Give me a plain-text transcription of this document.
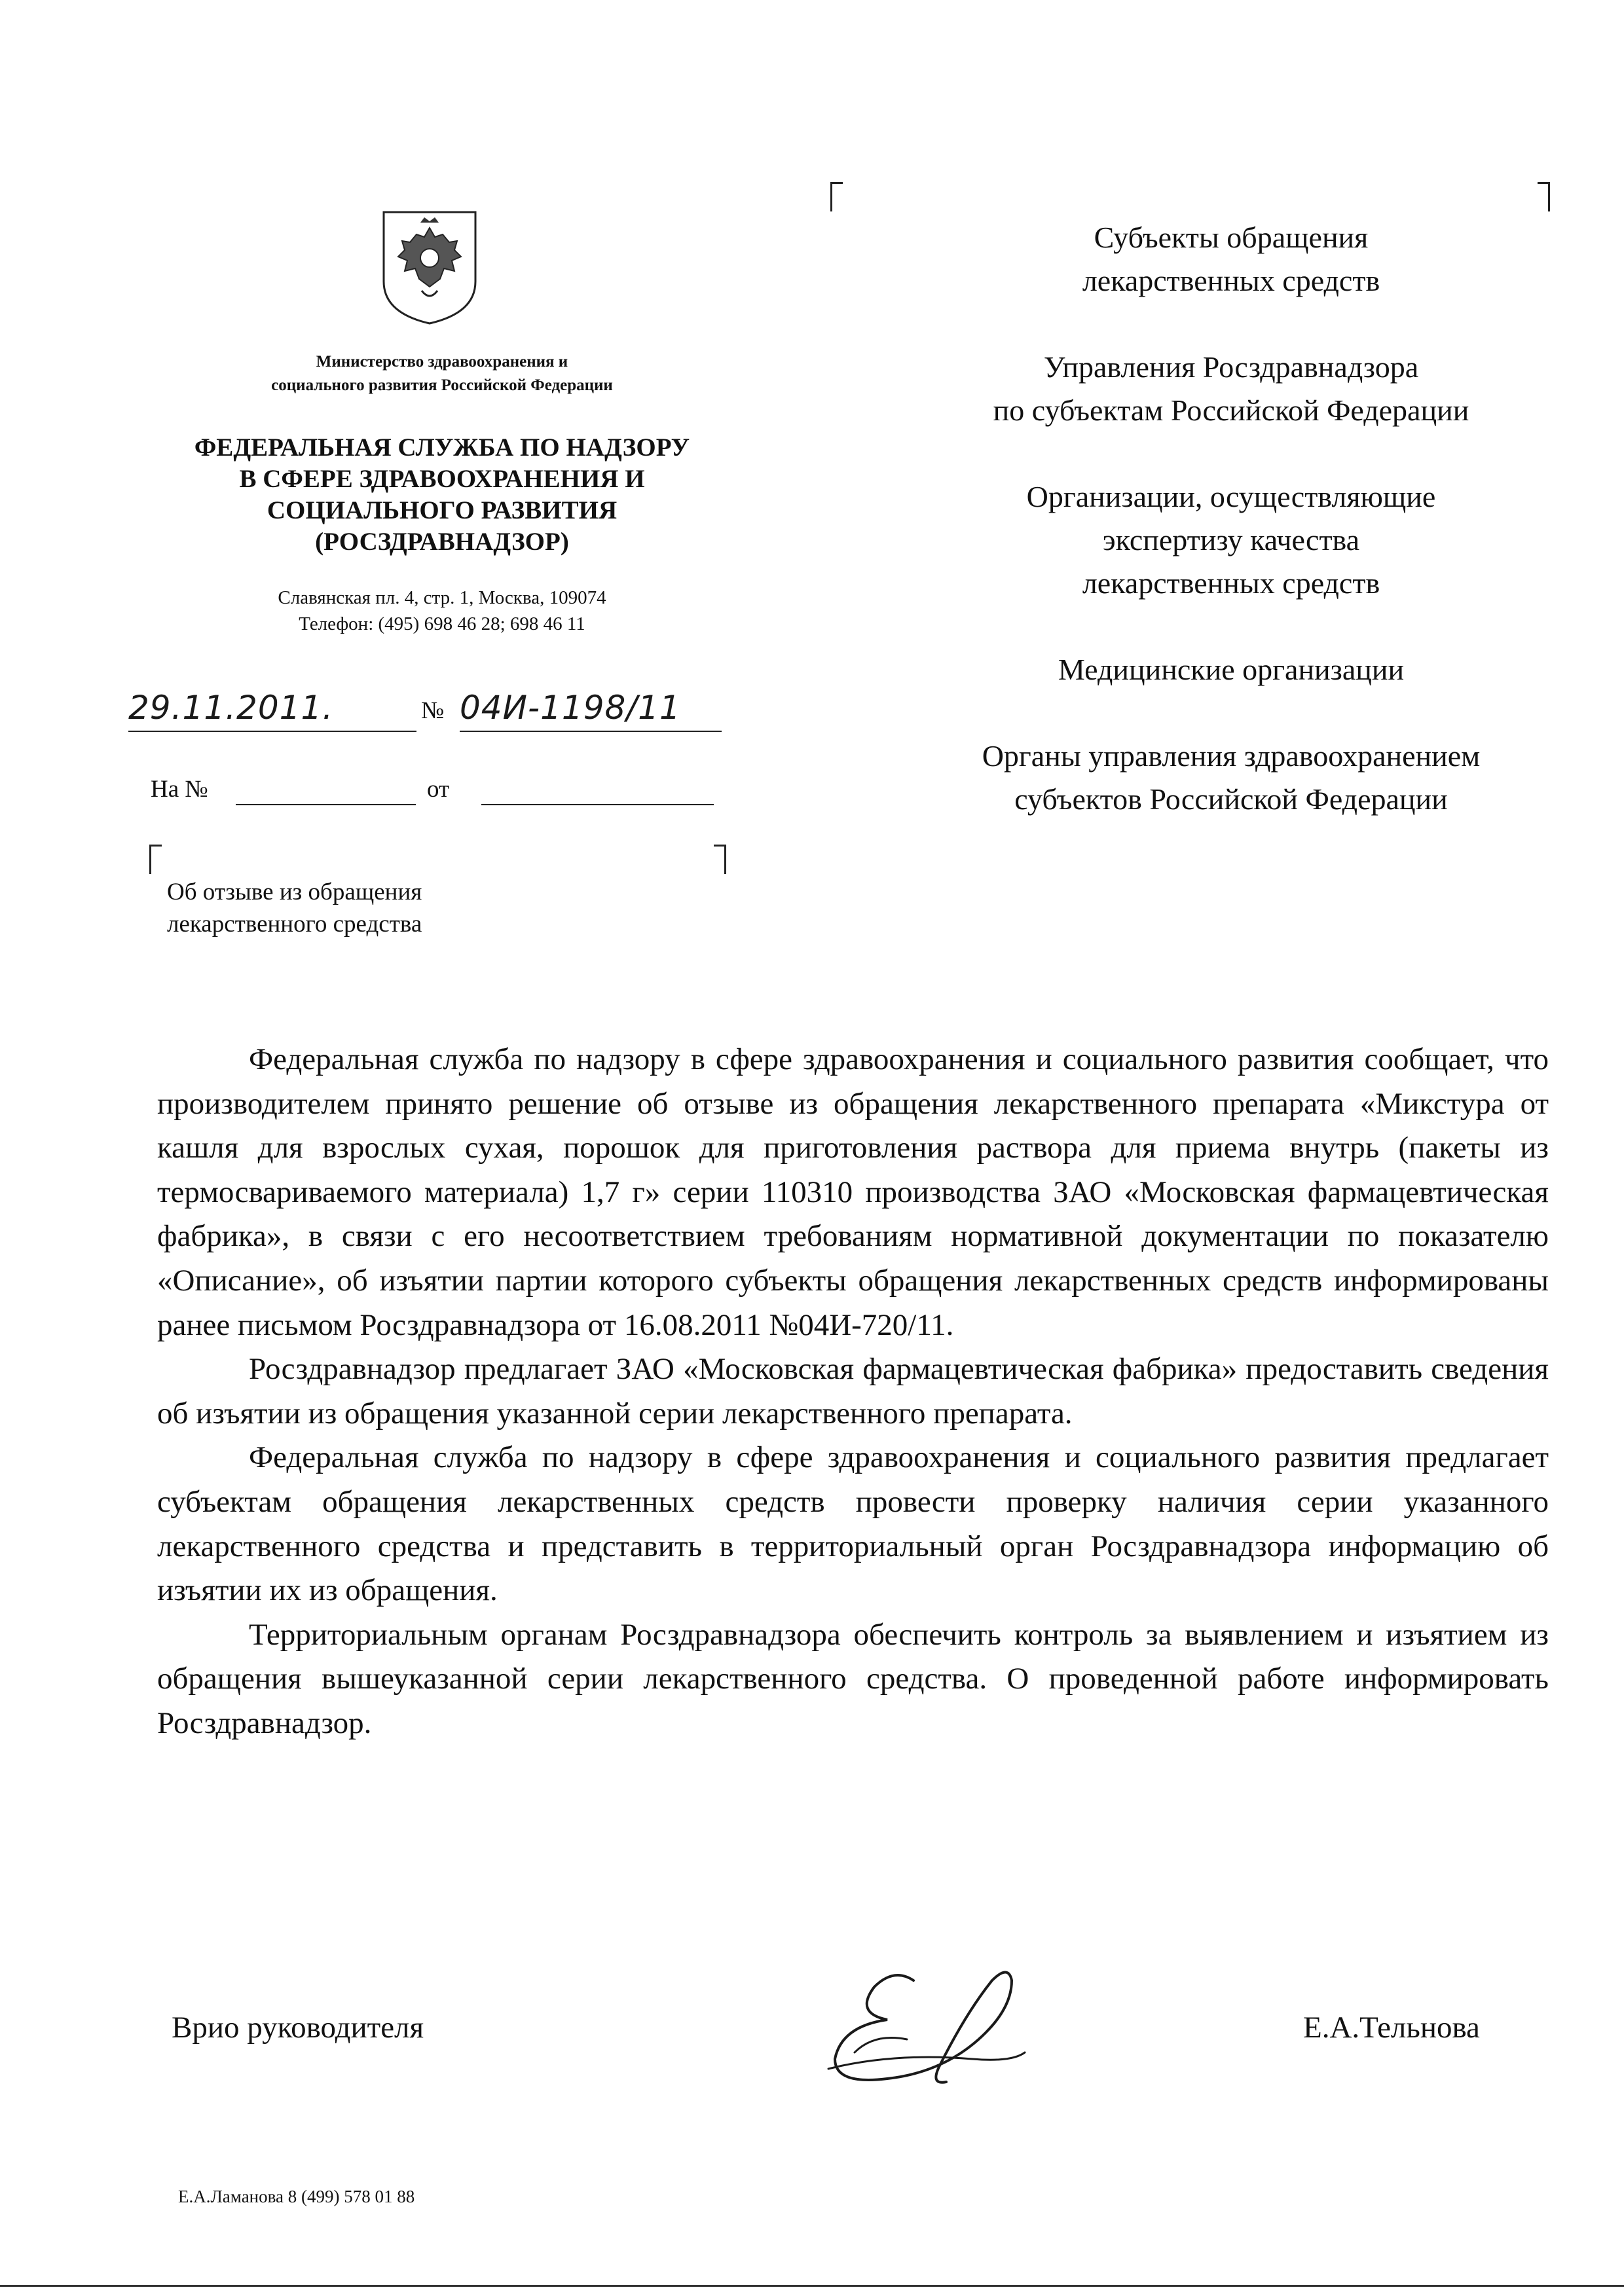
Министерство здравоохранения и
социального развития Российской Федерации
ФЕДЕРАЛЬНАЯ СЛУЖБА ПО НАДЗОРУ
В СФЕРЕ ЗДРАВООХРАНЕНИЯ И
СОЦИАЛЬНОГО РАЗВИТИЯ
(РОСЗДРАВНАДЗОР)
Славянская пл. 4, стр. 1, Москва, 109074
Телефон: (495) 698 46 28; 698 46 11
29.11.2011.	№ 04И-1198/11
На №	от
Об отзыве из обращения
лекарственного средства
Субъекты обращения
лекарственных средств
Управления Росздравнадзора
по субъектам Российской Федерации
Организации, осуществляющие
экспертизу качества
лекарственных средств
Медицинские организации
Органы управления здравоохранением
субъектов Российской Федерации

Федеральная служба по надзору в сфере здравоохранения и социального развития сообщает, что производителем принято решение об отзыве из обращения лекарственного препарата «Микстура от кашля для взрослых сухая, порошок для приготовления раствора для приема внутрь (пакеты из термосвариваемого материала) 1,7 г» серии 110310 производства ЗАО «Московская фармацевтическая фабрика», в связи с его несоответствием требованиям нормативной документации по показателю «Описание», об изъятии партии которого субъекты обращения лекарственных средств информированы ранее письмом Росздравнадзора от 16.08.2011 №04И-720/11.

Росздравнадзор предлагает ЗАО «Московская фармацевтическая фабрика» предоставить сведения об изъятии из обращения указанной серии лекарственного препарата.

Федеральная служба по надзору в сфере здравоохранения и социального развития предлагает субъектам обращения лекарственных средств провести проверку наличия серии указанного лекарственного средства и представить в территориальный орган Росздравнадзора информацию об изъятии их из обращения.

Территориальным органам Росздравнадзора обеспечить контроль за выявлением и изъятием из обращения вышеуказанной серии лекарственного средства. О проведенной работе информировать Росздравнадзор.

Врио руководителя	Е.А.Тельнова
Е.А.Ламанова 8 (499) 578 01 88
